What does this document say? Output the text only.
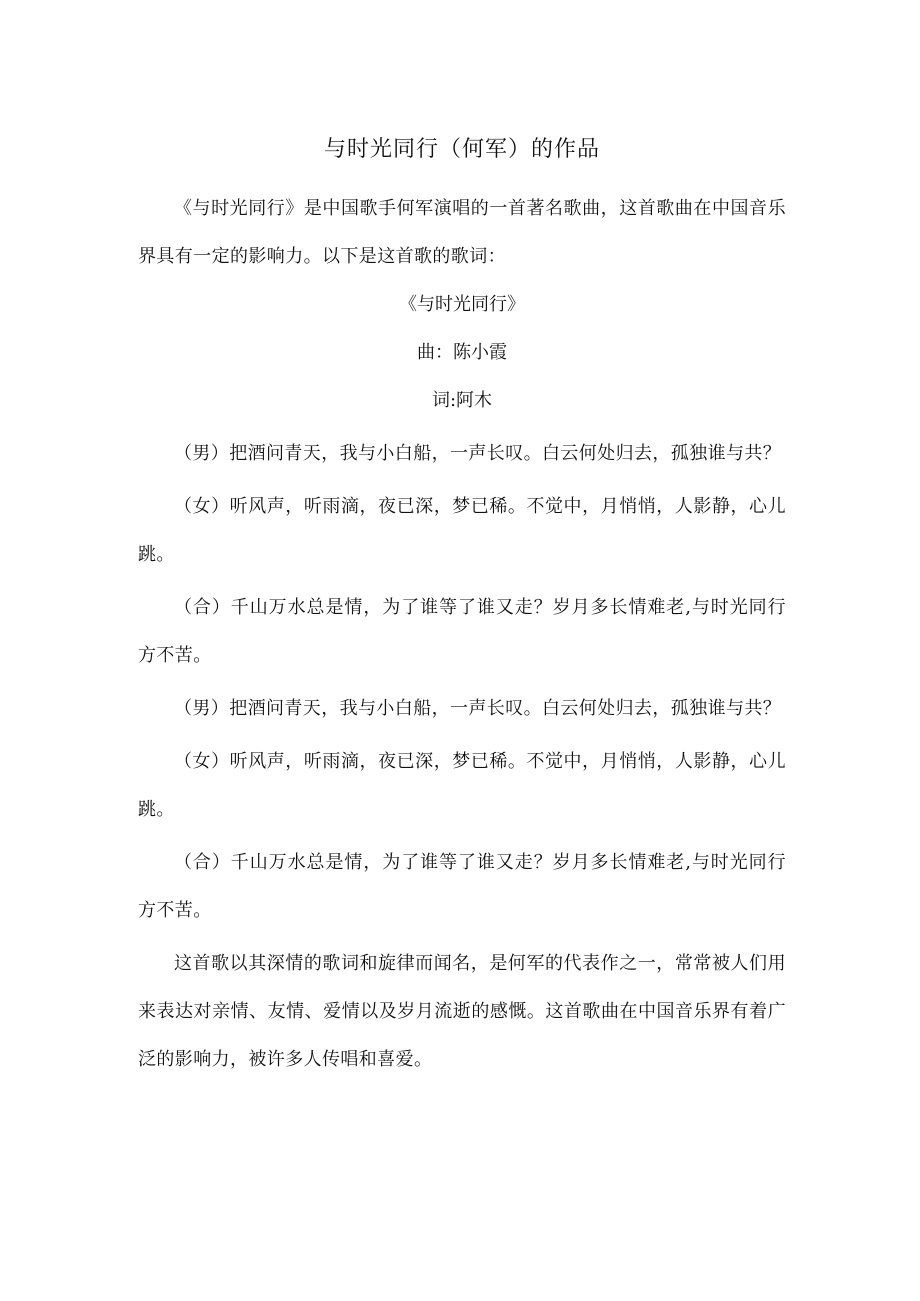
与时光同行（何军）的作品

《与时光同行》是中国歌手何军演唱的一首著名歌曲，这首歌曲在中国音乐界具有一定的影响力。以下是这首歌的歌词：

《与时光同行》

曲：陈小霞

词:阿木

（男）把酒问青天，我与小白船，一声长叹。白云何处归去，孤独谁与共？

（女）听风声，听雨滴，夜已深，梦已稀。不觉中，月悄悄，人影静，心儿跳。

（合）千山万水总是情，为了谁等了谁又走？岁月多长情难老,与时光同行方不苦。

（男）把酒问青天，我与小白船，一声长叹。白云何处归去，孤独谁与共？

（女）听风声，听雨滴，夜已深，梦已稀。不觉中，月悄悄，人影静，心儿跳。

（合）千山万水总是情，为了谁等了谁又走？岁月多长情难老,与时光同行方不苦。

这首歌以其深情的歌词和旋律而闻名，是何军的代表作之一，常常被人们用来表达对亲情、友情、爱情以及岁月流逝的感慨。这首歌曲在中国音乐界有着广泛的影响力，被许多人传唱和喜爱。
